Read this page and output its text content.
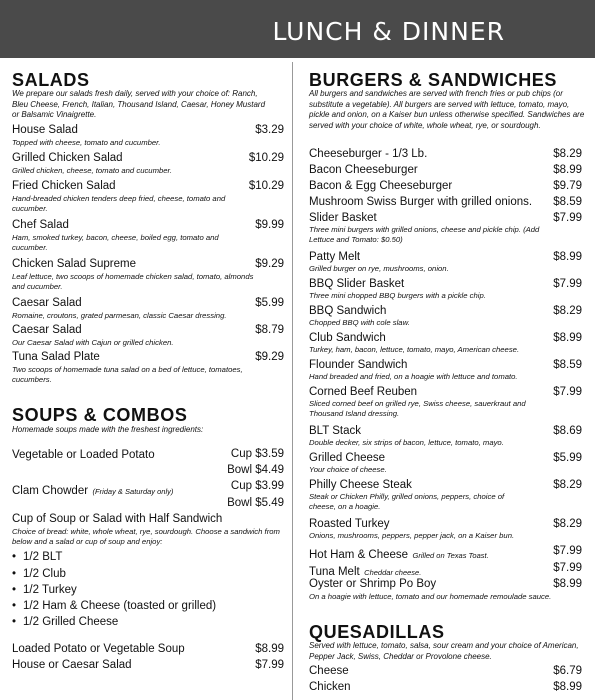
LUNCH & DINNER
SALADS
We prepare our salads fresh daily, served with your choice of: Ranch, Bleu Cheese, French, Italian, Thousand Island, Caesar, Honey Mustard or Balsamic Vinaigrette.
House Salad	$3.29
Topped with cheese, tomato and cucumber.
Grilled Chicken Salad	$10.29
Grilled chicken, cheese, tomato and cucumber.
Fried Chicken Salad	$10.29
Hand-breaded chicken tenders deep fried, cheese, tomato and cucumber.
Chef Salad	$9.99
Ham, smoked turkey, bacon, cheese, boiled egg, tomato and cucumber.
Chicken Salad Supreme	$9.29
Leaf lettuce, two scoops of homemade chicken salad, tomato, almonds and cucumber.
Caesar Salad	$5.99
Romaine, croutons, grated parmesan, classic Caesar dressing.
Caesar Salad	$8.79
Our Caesar Salad with Cajun or grilled chicken.
Tuna Salad Plate	$9.29
Two scoops of homemade tuna salad on a bed of lettuce, tomatoes, cucumbers.
SOUPS & COMBOS
Homemade soups made with the freshest ingredients:
Vegetable or Loaded Potato	Cup $3.59
Bowl $4.49
Clam Chowder (Friday & Saturday only)	Cup $3.99
Bowl $5.49
Cup of Soup or Salad with Half Sandwich
Choice of bread: white, whole wheat, rye, sourdough. Choose a sandwich from below and a salad or cup of soup and enjoy:
• 1/2 BLT
• 1/2 Club
• 1/2 Turkey
• 1/2 Ham & Cheese (toasted or grilled)
• 1/2 Grilled Cheese
Loaded Potato or Vegetable Soup	$8.99
House or Caesar Salad	$7.99
BURGERS & SANDWICHES
All burgers and sandwiches are served with french fries or pub chips (or substitute a vegetable). All burgers are served with lettuce, tomato, mayo, pickle and onion, on a Kaiser bun unless otherwise specified. Sandwiches are served with your choice of white, whole wheat, rye, or sourdough.
Cheeseburger - 1/3 Lb.	$8.29
Bacon Cheeseburger	$8.99
Bacon & Egg Cheeseburger	$9.79
Mushroom Swiss Burger with grilled onions.	$8.59
Slider Basket	$7.99
Three mini burgers with grilled onions, cheese and pickle chip. (Add Lettuce and Tomato: $0.50)
Patty Melt	$8.99
Grilled burger on rye, mushrooms, onion.
BBQ Slider Basket	$7.99
Three mini chopped BBQ burgers with a pickle chip.
BBQ Sandwich	$8.29
Chopped BBQ with cole slaw.
Club Sandwich	$8.99
Turkey, ham, bacon, lettuce, tomato, mayo, American cheese.
Flounder Sandwich	$8.59
Hand breaded and fried, on a hoagie with lettuce and tomato.
Corned Beef Reuben	$7.99
Sliced corned beef on grilled rye, Swiss cheese, sauerkraut and Thousand Island dressing.
BLT Stack	$8.69
Double decker, six strips of bacon, lettuce, tomato, mayo.
Grilled Cheese	$5.99
Your choice of cheese.
Philly Cheese Steak	$8.29
Steak or Chicken Philly, grilled onions, peppers, choice of cheese, on a hoagie.
Roasted Turkey	$8.29
Onions, mushrooms, peppers, pepper jack, on a Kaiser bun.
Hot Ham & Cheese Grilled on Texas Toast.	$7.99
Tuna Melt Cheddar cheese.	$7.99
Oyster or Shrimp Po Boy	$8.99
On a hoagie with lettuce, tomato and our homemade remoulade sauce.
QUESADILLAS
Served with lettuce, tomato, salsa, sour cream and your choice of American, Pepper Jack, Swiss, Cheddar or Provolone cheese.
Cheese	$6.79
Chicken	$8.99
